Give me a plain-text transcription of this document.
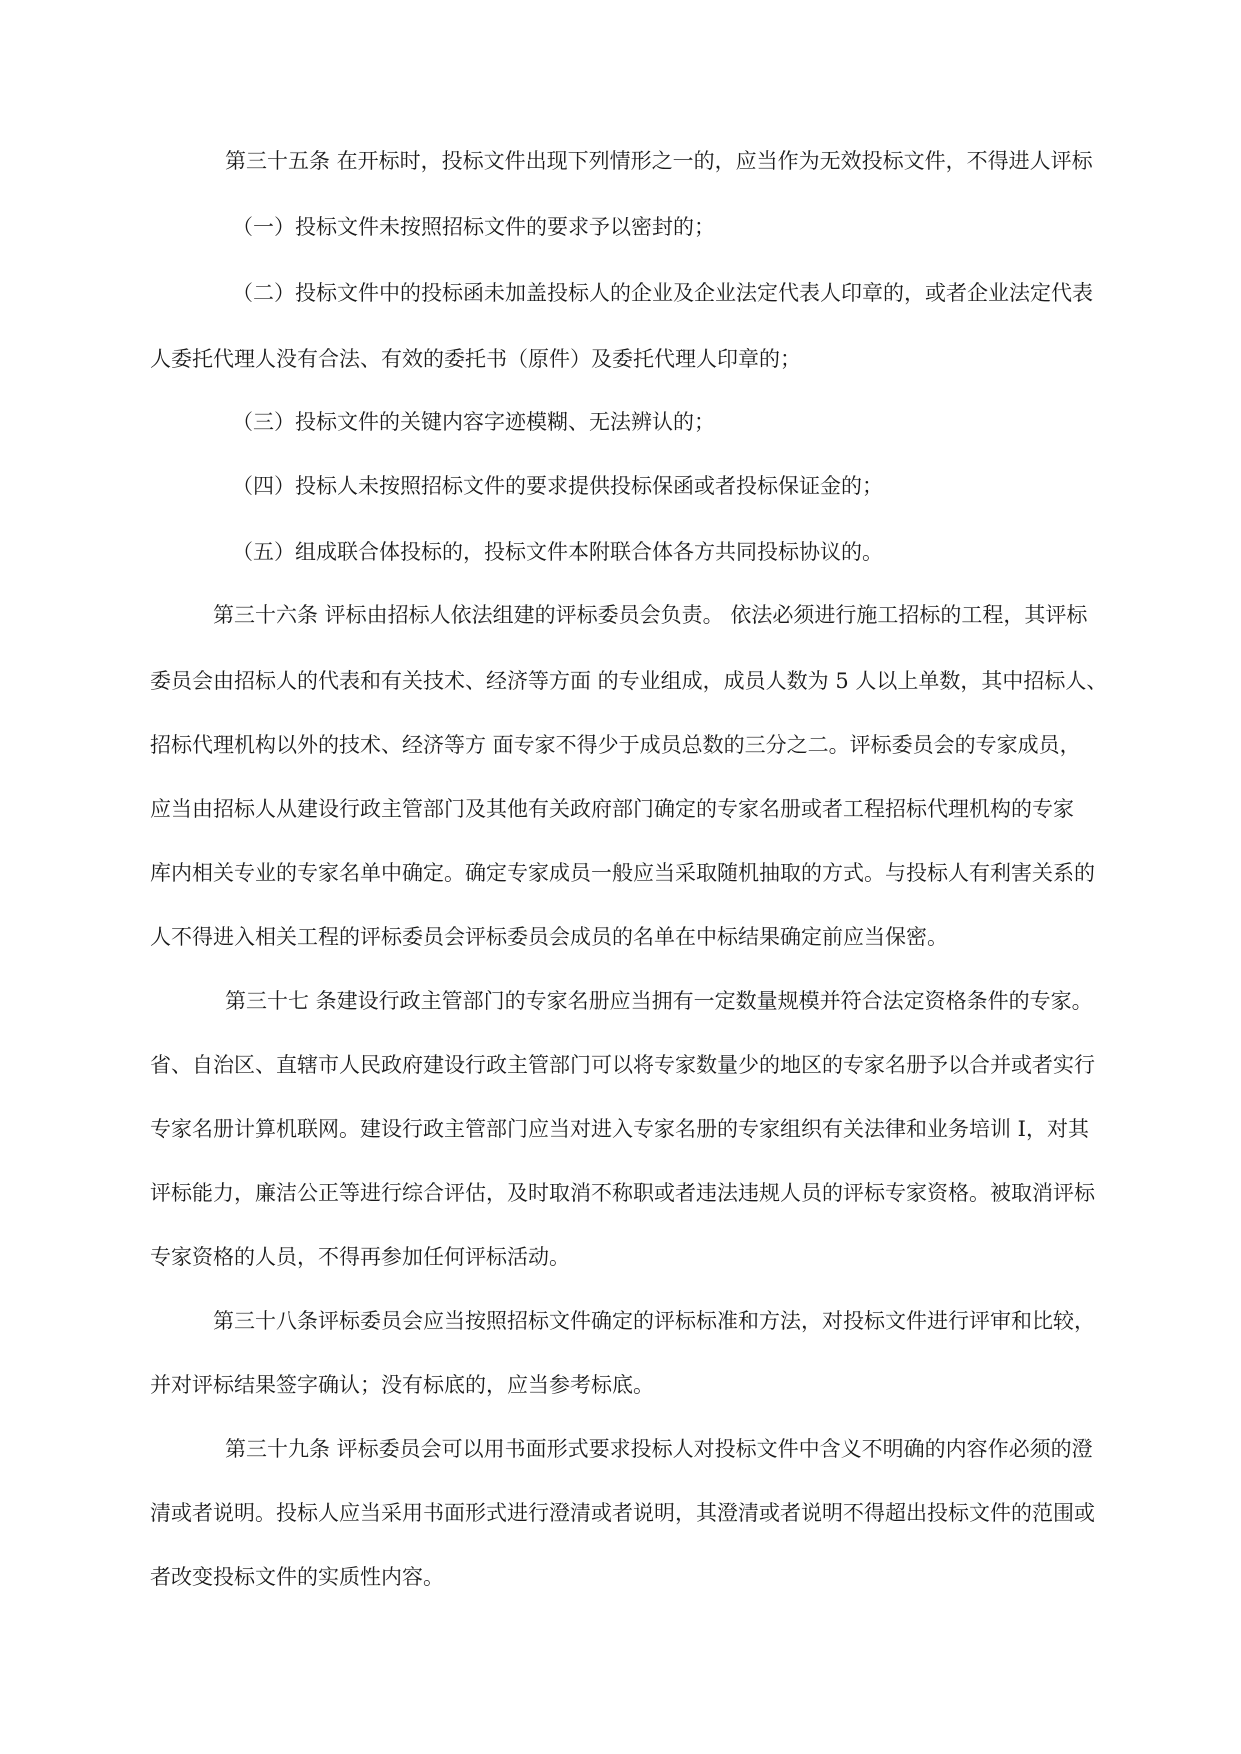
第三十五条 在开标时，投标文件出现下列情形之一的，应当作为无效投标文件，不得进人评标
（一）投标文件未按照招标文件的要求予以密封的；
（二）投标文件中的投标函未加盖投标人的企业及企业法定代表人印章的，或者企业法定代表
人委托代理人没有合法、有效的委托书（原件）及委托代理人印章的；
（三）投标文件的关键内容字迹模糊、无法辨认的；
（四）投标人未按照招标文件的要求提供投标保函或者投标保证金的；
（五）组成联合体投标的，投标文件本附联合体各方共同投标协议的。
第三十六条 评标由招标人依法组建的评标委员会负责。 依法必须进行施工招标的工程，其评标
委员会由招标人的代表和有关技术、经济等方面 的专业组成，成员人数为 5 人以上单数，其中招标人、
招标代理机构以外的技术、经济等方 面专家不得少于成员总数的三分之二。评标委员会的专家成员，
应当由招标人从建设行政主管部门及其他有关政府部门确定的专家名册或者工程招标代理机构的专家
库内相关专业的专家名单中确定。确定专家成员一般应当采取随机抽取的方式。与投标人有利害关系的
人不得进入相关工程的评标委员会评标委员会成员的名单在中标结果确定前应当保密。
第三十七 条建设行政主管部门的专家名册应当拥有一定数量规模并符合法定资格条件的专家。
省、自治区、直辖市人民政府建设行政主管部门可以将专家数量少的地区的专家名册予以合并或者实行
专家名册计算机联网。建设行政主管部门应当对进入专家名册的专家组织有关法律和业务培训 I，对其
评标能力，廉洁公正等进行综合评估，及时取消不称职或者违法违规人员的评标专家资格。被取消评标
专家资格的人员，不得再参加任何评标活动。
第三十八条评标委员会应当按照招标文件确定的评标标准和方法，对投标文件进行评审和比较，
并对评标结果签字确认；没有标底的，应当参考标底。
第三十九条 评标委员会可以用书面形式要求投标人对投标文件中含义不明确的内容作必须的澄
清或者说明。投标人应当采用书面形式进行澄清或者说明，其澄清或者说明不得超出投标文件的范围或
者改变投标文件的实质性内容。
